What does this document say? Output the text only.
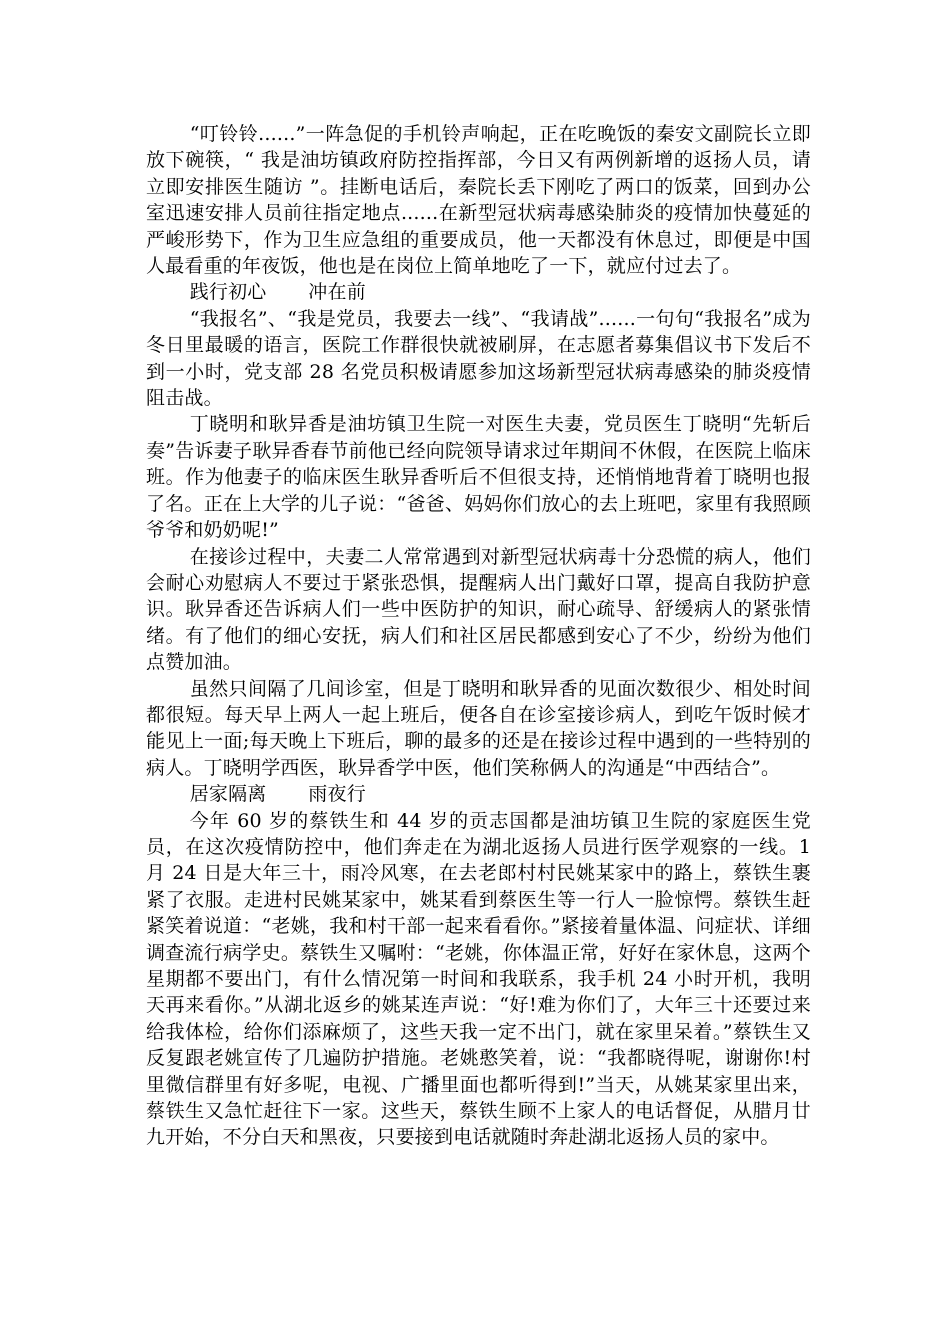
“叮铃铃......”一阵急促的手机铃声响起，正在吃晚饭的秦安文副院长立即放下碗筷，“ 我是油坊镇政府防控指挥部，今日又有两例新增的返扬人员，请立即安排医生随访 ”。挂断电话后，秦院长丢下刚吃了两口的饭菜，回到办公室迅速安排人员前往指定地点......在新型冠状病毒感染肺炎的疫情加快蔓延的严峻形势下，作为卫生应急组的重要成员，他一天都没有休息过，即便是中国人最看重的年夜饭，他也是在岗位上简单地吃了一下，就应付过去了。

践行初心 冲在前

“我报名”、“我是党员，我要去一线”、“我请战”......一句句“我报名”成为冬日里最暖的语言，医院工作群很快就被刷屏，在志愿者募集倡议书下发后不到一小时，党支部 28 名党员积极请愿参加这场新型冠状病毒感染的肺炎疫情阻击战。

丁晓明和耿异香是油坊镇卫生院一对医生夫妻，党员医生丁晓明“先斩后奏”告诉妻子耿异香春节前他已经向院领导请求过年期间不休假，在医院上临床班。作为他妻子的临床医生耿异香听后不但很支持，还悄悄地背着丁晓明也报了名。正在上大学的儿子说：“爸爸、妈妈你们放心的去上班吧，家里有我照顾爷爷和奶奶呢!”

在接诊过程中，夫妻二人常常遇到对新型冠状病毒十分恐慌的病人，他们会耐心劝慰病人不要过于紧张恐惧，提醒病人出门戴好口罩，提高自我防护意识。耿异香还告诉病人们一些中医防护的知识，耐心疏导、舒缓病人的紧张情绪。有了他们的细心安抚，病人们和社区居民都感到安心了不少，纷纷为他们点赞加油。

虽然只间隔了几间诊室，但是丁晓明和耿异香的见面次数很少、相处时间都很短。每天早上两人一起上班后，便各自在诊室接诊病人，到吃午饭时候才能见上一面;每天晚上下班后，聊的最多的还是在接诊过程中遇到的一些特别的病人。丁晓明学西医，耿异香学中医，他们笑称俩人的沟通是“中西结合”。

居家隔离 雨夜行

今年 60 岁的蔡铁生和 44 岁的贡志国都是油坊镇卫生院的家庭医生党员，在这次疫情防控中，他们奔走在为湖北返扬人员进行医学观察的一线。1 月 24 日是大年三十，雨冷风寒，在去老郎村村民姚某家中的路上，蔡铁生裹紧了衣服。走进村民姚某家中，姚某看到蔡医生等一行人一脸惊愕。蔡铁生赶紧笑着说道：“老姚，我和村干部一起来看看你。”紧接着量体温、问症状、详细调查流行病学史。蔡铁生又嘱咐：“老姚，你体温正常，好好在家休息，这两个星期都不要出门，有什么情况第一时间和我联系，我手机 24 小时开机，我明天再来看你。”从湖北返乡的姚某连声说：“好!难为你们了，大年三十还要过来给我体检，给你们添麻烦了，这些天我一定不出门，就在家里呆着。”蔡铁生又反复跟老姚宣传了几遍防护措施。老姚憨笑着，说：“我都晓得呢，谢谢你!村里微信群里有好多呢，电视、广播里面也都听得到!”当天，从姚某家里出来，蔡铁生又急忙赶往下一家。这些天，蔡铁生顾不上家人的电话督促，从腊月廿九开始，不分白天和黑夜，只要接到电话就随时奔赴湖北返扬人员的家中。
